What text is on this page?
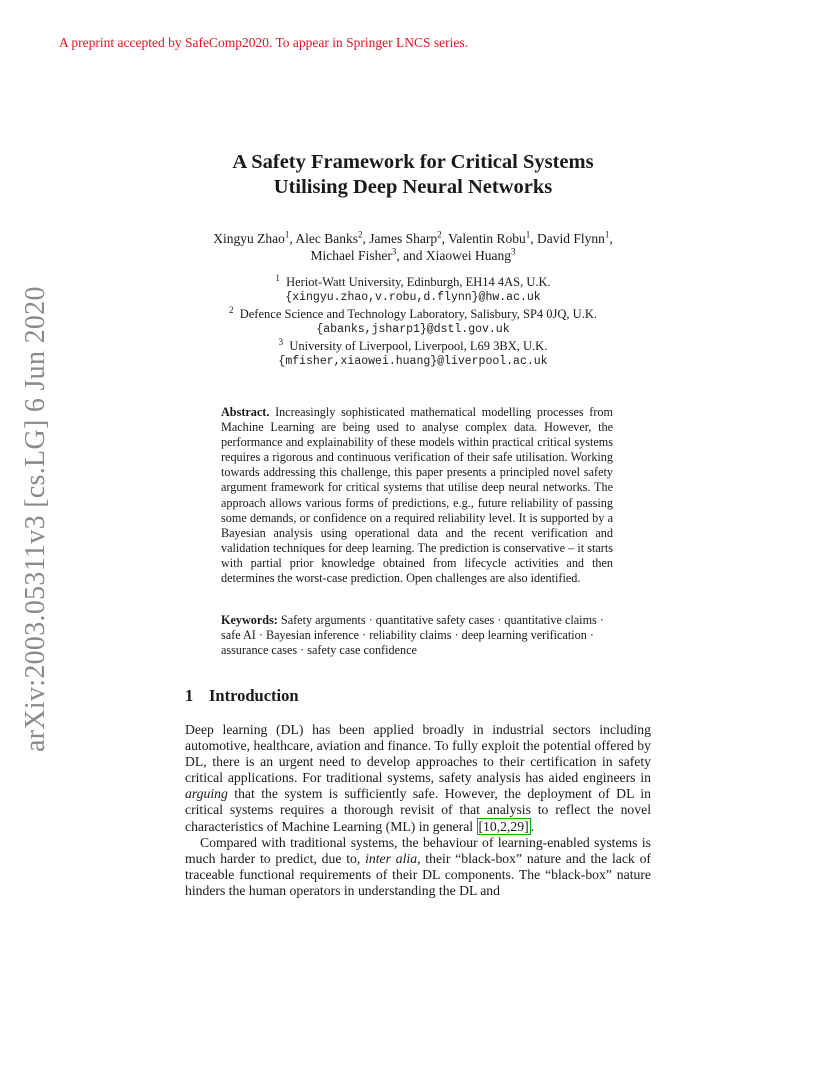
A preprint accepted by SafeComp2020. To appear in Springer LNCS series.
arXiv:2003.05311v3 [cs.LG] 6 Jun 2020
A Safety Framework for Critical Systems
Utilising Deep Neural Networks
Xingyu Zhao$^1$, Alec Banks$^2$, James Sharp$^2$, Valentin Robu$^1$, David Flynn$^1$,
Michael Fisher$^3$, and Xiaowei Huang$^3$
$^1$ Heriot-Watt University, Edinburgh, EH14 4AS, U.K.
{xingyu.zhao,v.robu,d.flynn}@hw.ac.uk
$^2$ Defence Science and Technology Laboratory, Salisbury, SP4 0JQ, U.K.
{abanks,jsharp1}@dstl.gov.uk
$^3$ University of Liverpool, Liverpool, L69 3BX, U.K.
{mfisher,xiaowei.huang}@liverpool.ac.uk
Abstract. Increasingly sophisticated mathematical modelling processes from Machine Learning are being used to analyse complex data. However, the performance and explainability of these models within practical critical systems requires a rigorous and continuous verification of their safe utilisation. Working towards addressing this challenge, this paper presents a principled novel safety argument framework for critical systems that utilise deep neural networks. The approach allows various forms of predictions, e.g., future reliability of passing some demands, or confidence on a required reliability level. It is supported by a Bayesian analysis using operational data and the recent verification and validation techniques for deep learning. The prediction is conservative – it starts with partial prior knowledge obtained from lifecycle activities and then determines the worst-case prediction. Open challenges are also identified.
Keywords: Safety arguments · quantitative safety cases · quantitative claims · safe AI · Bayesian inference · reliability claims · deep learning verification · assurance cases · safety case confidence
1 Introduction

Deep learning (DL) has been applied broadly in industrial sectors including automotive, healthcare, aviation and finance. To fully exploit the potential offered by DL, there is an urgent need to develop approaches to their certification in safety critical applications. For traditional systems, safety analysis has aided engineers in arguing that the system is sufficiently safe. However, the deployment of DL in critical systems requires a thorough revisit of that analysis to reflect the novel characteristics of Machine Learning (ML) in general [10,2,29] .

Compared with traditional systems, the behaviour of learning-enabled systems is much harder to predict, due to, inter alia, their “black-box” nature and the lack of traceable functional requirements of their DL components. The “black-box” nature hinders the human operators in understanding the DL and
